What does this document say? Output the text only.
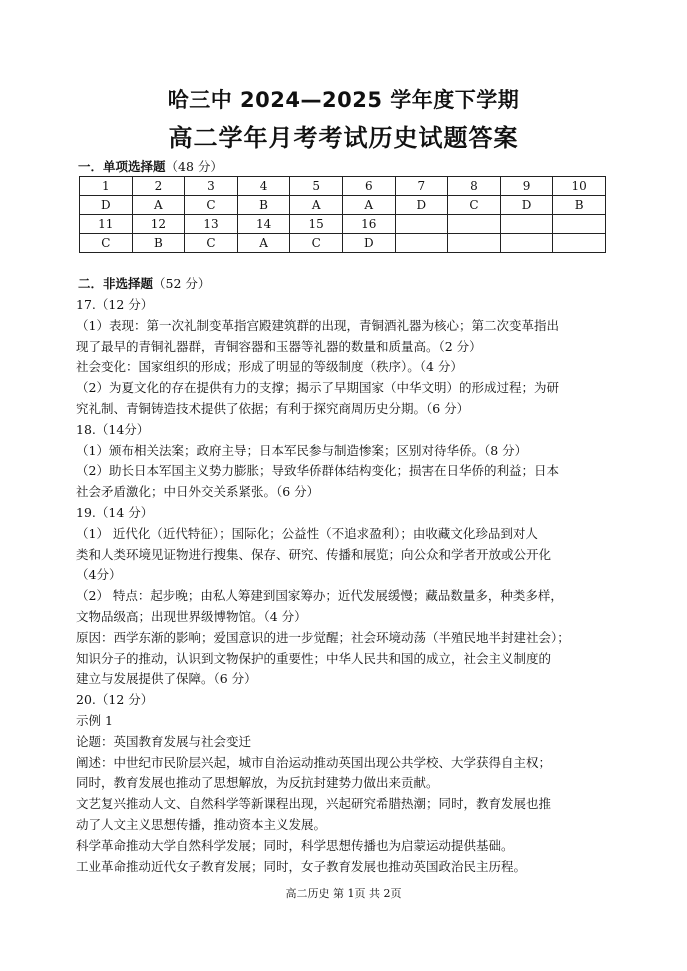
哈三中 2024—2025 学年度下学期
高二学年月考考试历史试题答案
一．单项选择题（48 分）
1	2	3	4	5	6	7	8	9	10
D	A	C	B	A	A	D	C	D	B
11	12	13	14	15	16				
C	B	C	A	C	D				
二．非选择题（52 分）

17.（12 分）

（1）表现：第一次礼制变革指宫殿建筑群的出现，青铜酒礼器为核心；第二次变革指出

现了最早的青铜礼器群，青铜容器和玉器等礼器的数量和质量高。（2 分）

社会变化：国家组织的形成；形成了明显的等级制度（秩序）。（4 分）

（2）为夏文化的存在提供有力的支撑；揭示了早期国家（中华文明）的形成过程；为研

究礼制、青铜铸造技术提供了依据；有利于探究商周历史分期。（6 分）

18.（14分）

（1）颁布相关法案；政府主导；日本军民参与制造惨案；区别对待华侨。（8 分）

（2）助长日本军国主义势力膨胀；导致华侨群体结构变化；损害在日华侨的利益；日本

社会矛盾激化；中日外交关系紧张。（6 分）

19.（14 分）

（1） 近代化（近代特征）；国际化；公益性（不追求盈利）；由收藏文化珍品到对人

类和人类环境见证物进行搜集、保存、研究、传播和展览；向公众和学者开放或公开化

（4分）

（2） 特点：起步晚；由私人筹建到国家筹办；近代发展缓慢；藏品数量多，种类多样，

文物品级高；出现世界级博物馆。（4 分）

原因：西学东渐的影响；爱国意识的进一步觉醒；社会环境动荡（半殖民地半封建社会）；

知识分子的推动，认识到文物保护的重要性；中华人民共和国的成立，社会主义制度的

建立与发展提供了保障。（6 分）

20.（12 分）

示例 1

论题：英国教育发展与社会变迁

阐述：中世纪市民阶层兴起，城市自治运动推动英国出现公共学校、大学获得自主权；

同时，教育发展也推动了思想解放，为反抗封建势力做出来贡献。

文艺复兴推动人文、自然科学等新课程出现，兴起研究希腊热潮；同时，教育发展也推

动了人文主义思想传播，推动资本主义发展。

科学革命推动大学自然科学发展；同时，科学思想传播也为启蒙运动提供基础。

工业革命推动近代女子教育发展；同时，女子教育发展也推动英国政治民主历程。

高二历史 第 1页 共 2页
